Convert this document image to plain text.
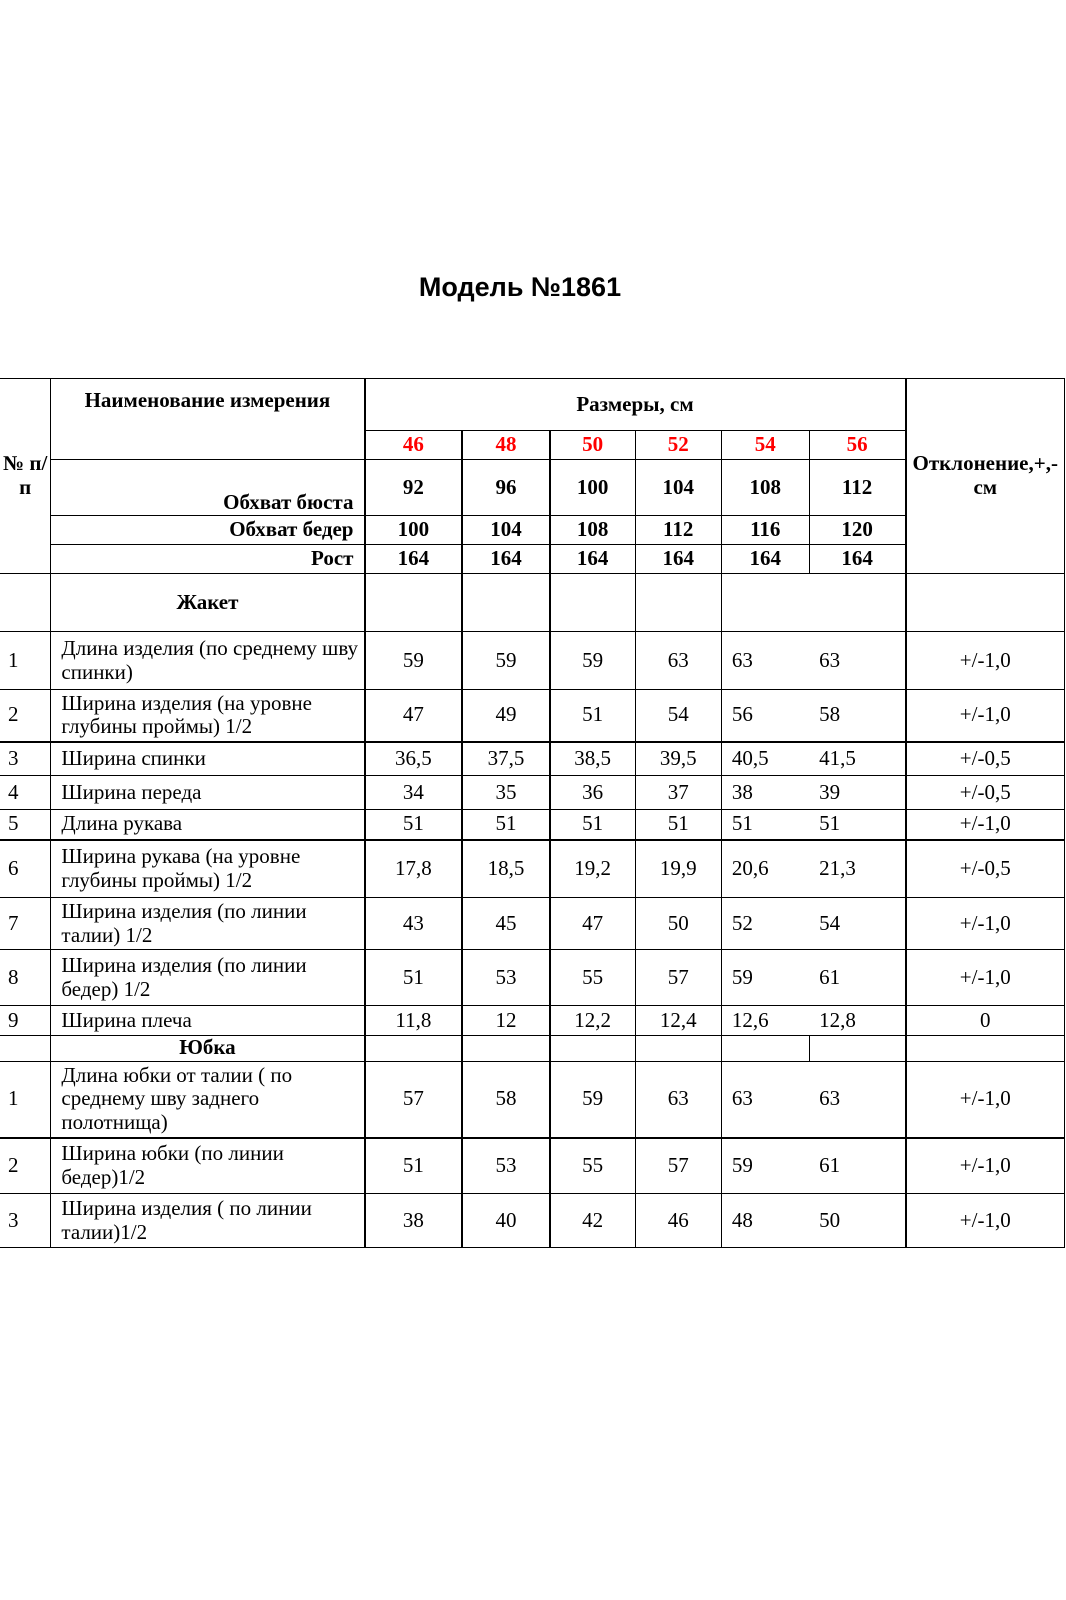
Модель №1861
№ п/п	Наименование измерения	Размеры, см						Отклонение,+,- см
		46	48	50	52	54	56	
	Обхват бюста	92	96	100	104	108	112	
	Обхват бедер	100	104	108	112	116	120	
	Рост	164	164	164	164	164	164	
	Жакет							
1	Длина изделия (по среднему шву спинки)	59	59	59	63	63	63	+/-1,0
2	Ширина изделия (на уровне глубины проймы) 1/2	47	49	51	54	56	58	+/-1,0
3	Ширина спинки	36,5	37,5	38,5	39,5	40,5	41,5	+/-0,5
4	Ширина переда	34	35	36	37	38	39	+/-0,5
5	Длина рукава	51	51	51	51	51	51	+/-1,0
6	Ширина рукава (на уровне глубины проймы) 1/2	17,8	18,5	19,2	19,9	20,6	21,3	+/-0,5
7	Ширина изделия (по линии талии) 1/2	43	45	47	50	52	54	+/-1,0
8	Ширина изделия (по линии бедер) 1/2	51	53	55	57	59	61	+/-1,0
9	Ширина плеча	11,8	12	12,2	12,4	12,6	12,8	0
	Юбка							
1	Длина юбки от талии ( по среднему шву заднего полотнища)	57	58	59	63	63	63	+/-1,0
2	Ширина юбки (по линии бедер)1/2	51	53	55	57	59	61	+/-1,0
3	Ширина изделия ( по линии талии)1/2	38	40	42	46	48	50	+/-1,0
